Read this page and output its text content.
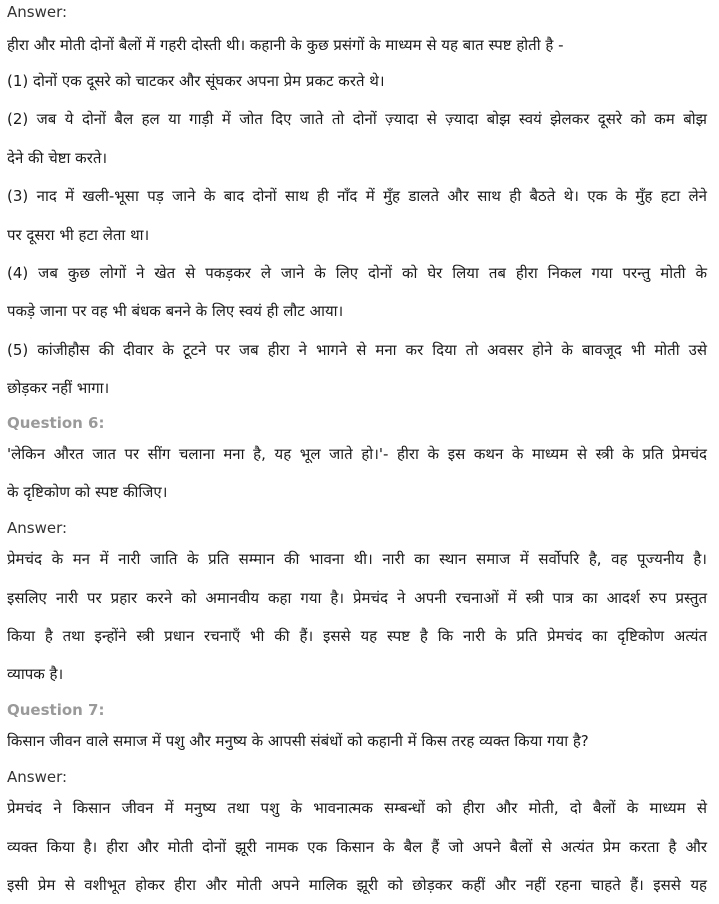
Answer:
हीरा और मोती दोनों बैलों में गहरी दोस्ती थी। कहानी के कुछ प्रसंगों के माध्यम से यह बात स्पष्ट होती है -
(1) दोनों एक दूसरे को चाटकर और सूंघकर अपना प्रेम प्रकट करते थे।
(2) जब ये दोनों बैल हल या गाड़ी में जोत दिए जाते तो दोनों ज़्यादा से ज़्यादा बोझ स्वयं झेलकर दूसरे को कम बोझ
देने की चेष्टा करते।
(3) नाद में खली-भूसा पड़ जाने के बाद दोनों साथ ही नाँद में मुँह डालते और साथ ही बैठते थे। एक के मुँह हटा लेने
पर दूसरा भी हटा लेता था।
(4) जब कुछ लोगों ने खेत से पकड़कर ले जाने के लिए दोनों को घेर लिया तब हीरा निकल गया परन्तु मोती के
पकड़े जाना पर वह भी बंधक बनने के लिए स्वयं ही लौट आया।
(5) कांजीहौस की दीवार के टूटने पर जब हीरा ने भागने से मना कर दिया तो अवसर होने के बावजूद भी मोती उसे
छोड़कर नहीं भागा।
Question 6:
'लेकिन औरत जात पर सींग चलाना मना है, यह भूल जाते हो।'- हीरा के इस कथन के माध्यम से स्त्री के प्रति प्रेमचंद
के दृष्टिकोण को स्पष्ट कीजिए।
Answer:
प्रेमचंद के मन में नारी जाति के प्रति सम्मान की भावना थी। नारी का स्थान समाज में सर्वोपरि है, वह पूज्यनीय है।
इसलिए नारी पर प्रहार करने को अमानवीय कहा गया है। प्रेमचंद ने अपनी रचनाओं में स्त्री पात्र का आदर्श रुप प्रस्तुत
किया है तथा इन्होंने स्त्री प्रधान रचनाएँ भी की हैं। इससे यह स्पष्ट है कि नारी के प्रति प्रेमचंद का दृष्टिकोण अत्यंत
व्यापक है।
Question 7:
किसान जीवन वाले समाज में पशु और मनुष्य के आपसी संबंधों को कहानी में किस तरह व्यक्त किया गया है?
Answer:
प्रेमचंद ने किसान जीवन में मनुष्य तथा पशु के भावनात्मक सम्बन्धों को हीरा और मोती, दो बैलों के माध्यम से
व्यक्त किया है। हीरा और मोती दोनों झूरी नामक एक किसान के बैल हैं जो अपने बैलों से अत्यंत प्रेम करता है और
इसी प्रेम से वशीभूत होकर हीरा और मोती अपने मालिक झूरी को छोड़कर कहीं और नहीं रहना चाहते हैं। इससे यह
